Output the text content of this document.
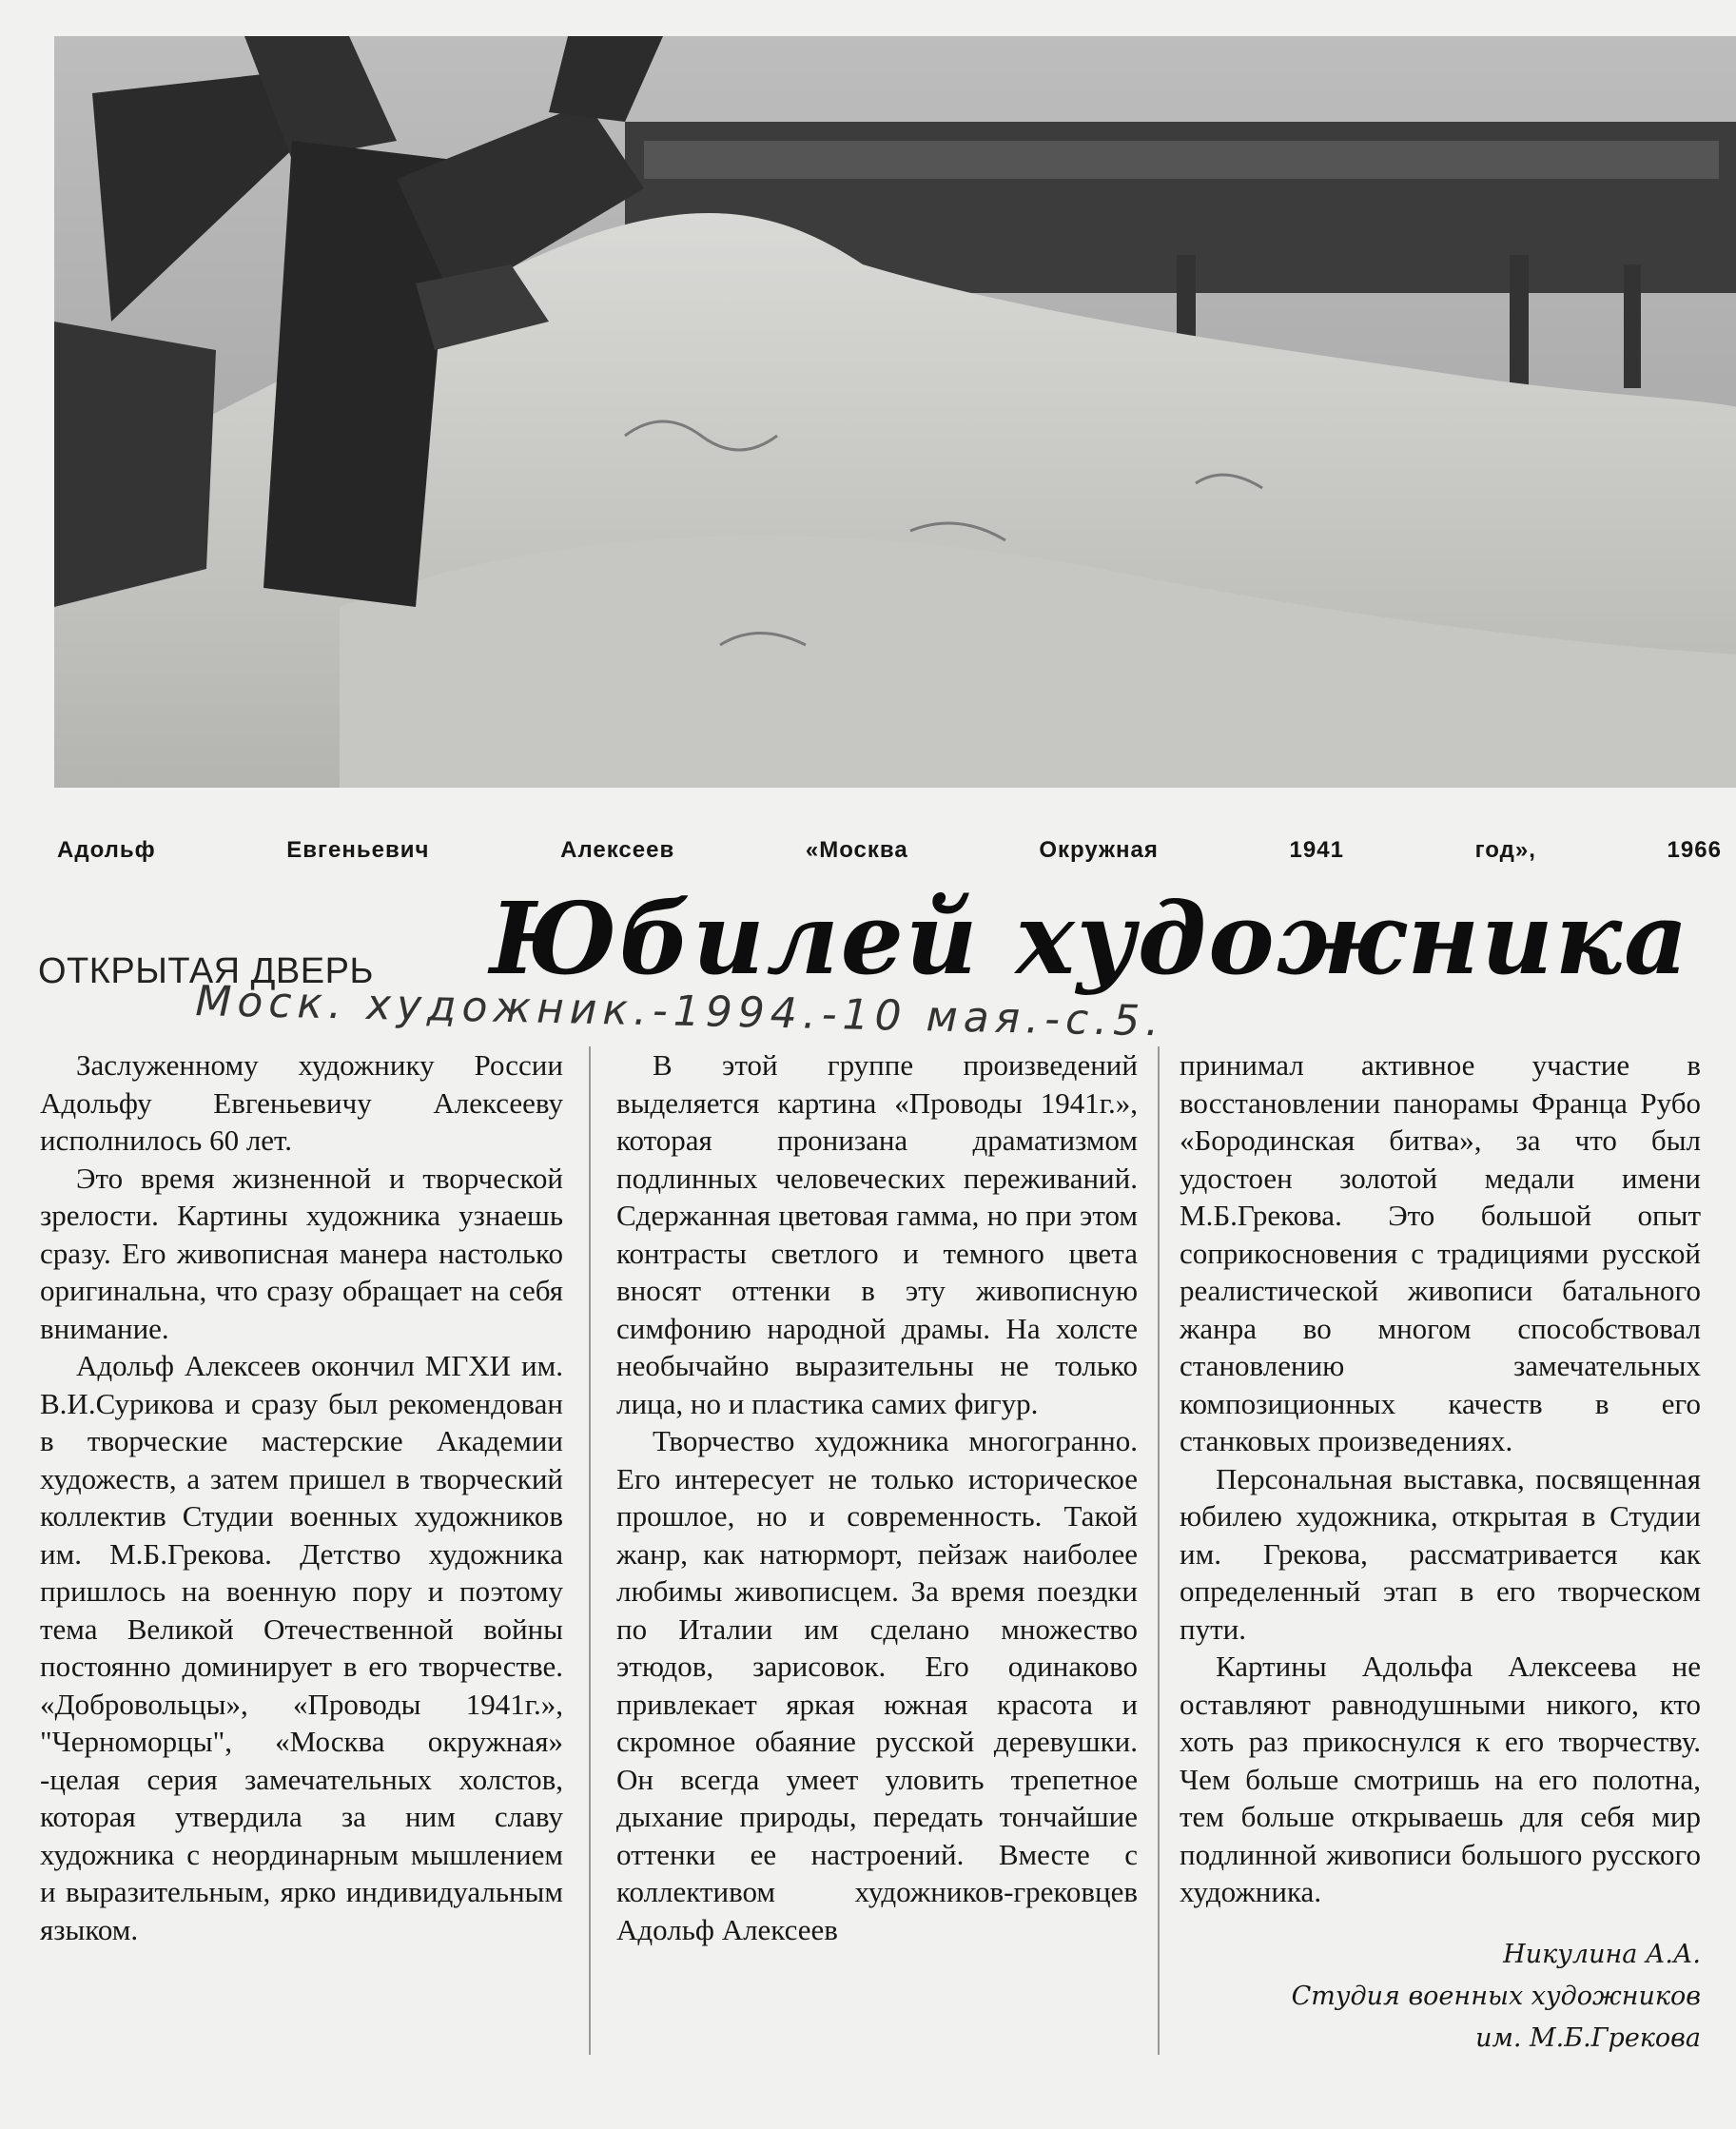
Адольф	Евгеньевич	Алексеев	«Москва	Окружная	1941	год»,	1966
ОТКРЫТАЯ ДВЕРЬ Юбилей художника
Моск. художник.-1994.-10 мая.-с.5.

Заслуженному художнику России Адольфу Евгеньевичу Алексееву исполнилось 60 лет.

Это время жизненной и творческой зрелости. Картины художника узнаешь сразу. Его живописная манера настолько оригинальна, что сразу обращает на себя внимание.

Адольф Алексеев окончил МГХИ им. В.И.Сурикова и сразу был рекомендован в творческие мастерские Академии художеств, а затем пришел в творческий коллектив Студии военных художников им. М.Б.Грекова. Детство художника пришлось на военную пору и поэтому тема Великой Отечественной войны постоянно доминирует в его творчестве. «Добровольцы», «Проводы 1941г.», "Черноморцы", «Москва окружная» -целая серия замечательных холстов, которая утвердила за ним славу художника с неординарным мышлением и выразительным, ярко индивидуальным языком.

В этой группе произведений выделяется картина «Проводы 1941г.», которая пронизана драматизмом подлинных человеческих переживаний. Сдержанная цветовая гамма, но при этом контрасты светлого и темного цвета вносят оттенки в эту живописную симфонию народной драмы. На холсте необычайно выразительны не только лица, но и пластика самих фигур.

Творчество художника многогранно. Его интересует не только историческое прошлое, но и современность. Такой жанр, как натюрморт, пейзаж наиболее любимы живописцем. За время поездки по Италии им сделано множество этюдов, зарисовок. Его одинаково привлекает яркая южная красота и скромное обаяние русской деревушки. Он всегда умеет уловить трепетное дыхание природы, передать тончайшие оттенки ее настроений. Вместе с коллективом художников-грековцев Адольф Алексеев

принимал активное участие в восстановлении панорамы Франца Рубо «Бородинская битва», за что был удостоен золотой медали имени М.Б.Грекова. Это большой опыт соприкосновения с традициями русской реалистической живописи батального жанра во многом способствовал становлению замечательных композиционных качеств в его станковых произведениях.

Персональная выставка, посвященная юбилею художника, открытая в Студии им. Грекова, рассматривается как определенный этап в его творческом пути.

Картины Адольфа Алексеева не оставляют равнодушными никого, кто хоть раз прикоснулся к его творчеству. Чем больше смотришь на его полотна, тем больше открываешь для себя мир подлинной живописи большого русского художника.

Никулина А.А.
Студия военных художников
им. М.Б.Грекова
